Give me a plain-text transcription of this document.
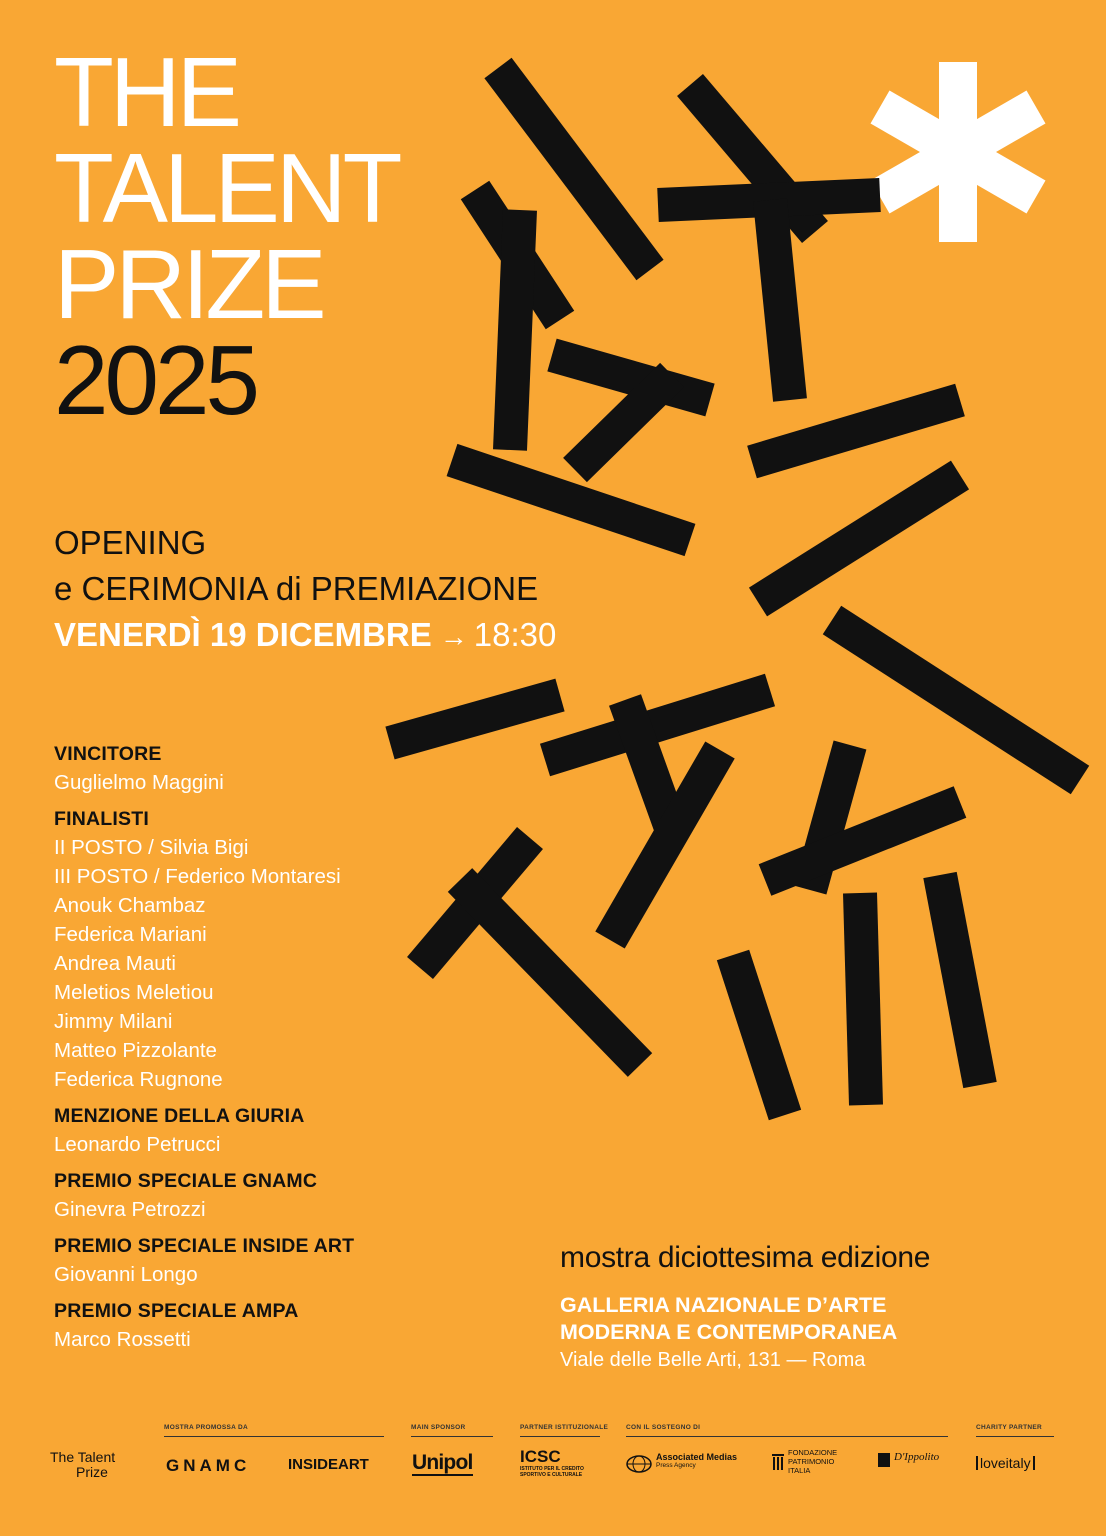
THE
TALENT
PRIZE
2025
OPENING
e CERIMONIA di PREMIAZIONE
VENERDÌ 19 DICEMBRE → 18:30
VINCITORE
Guglielmo Maggini
FINALISTI
II POSTO / Silvia Bigi
III POSTO / Federico Montaresi
Anouk Chambaz
Federica Mariani
Andrea Mauti
Meletios Meletiou
Jimmy Milani
Matteo Pizzolante
Federica Rugnone
MENZIONE DELLA GIURIA
Leonardo Petrucci
PREMIO SPECIALE GNAMC
Ginevra Petrozzi
PREMIO SPECIALE INSIDE ART
Giovanni Longo
PREMIO SPECIALE AMPA
Marco Rossetti
mostra diciottesima edizione
GALLERIA NAZIONALE D’ARTE
MODERNA E CONTEMPORANEA
Viale delle Belle Arti, 131 — Roma
MOSTRA PROMOSSA DA	MAIN SPONSOR	PARTNER ISTITUZIONALE	CON IL SOSTEGNO DI	CHARITY PARTNER
The Talent
Prize	GNAMC	INSIDEART Unipol	ICSC
ISTITUTO PER IL CREDITO
SPORTIVO E CULTURALE
Associated Medias
Press Agency
FONDAZIONE
PATRIMONIO
ITALIA
D'Ippolito	loveitaly
